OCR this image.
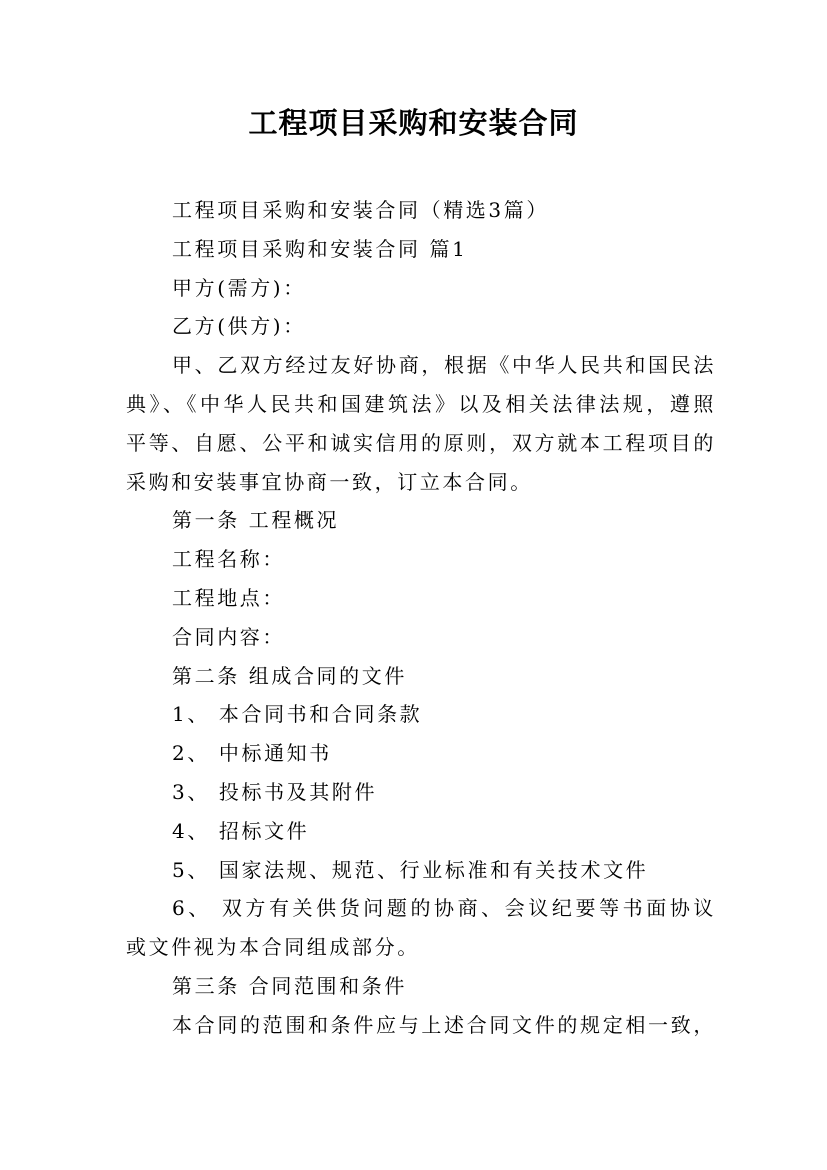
工程项目采购和安装合同

工程项目采购和安装合同（精选3篇）

工程项目采购和安装合同 篇1

甲方(需方)：

乙方(供方)：

甲、乙双方经过友好协商，根据《中华人民共和国民法典》、《中华人民共和国建筑法》以及相关法律法规，遵照平等、自愿、公平和诚实信用的原则，双方就本工程项目的采购和安装事宜协商一致，订立本合同。

第一条 工程概况

工程名称：

工程地点：

合同内容：

第二条 组成合同的文件

1、 本合同书和合同条款

2、 中标通知书

3、 投标书及其附件

4、 招标文件

5、 国家法规、规范、行业标准和有关技术文件

6、 双方有关供货问题的协商、会议纪要等书面协议或文件视为本合同组成部分。

第三条 合同范围和条件

本合同的范围和条件应与上述合同文件的规定相一致，
